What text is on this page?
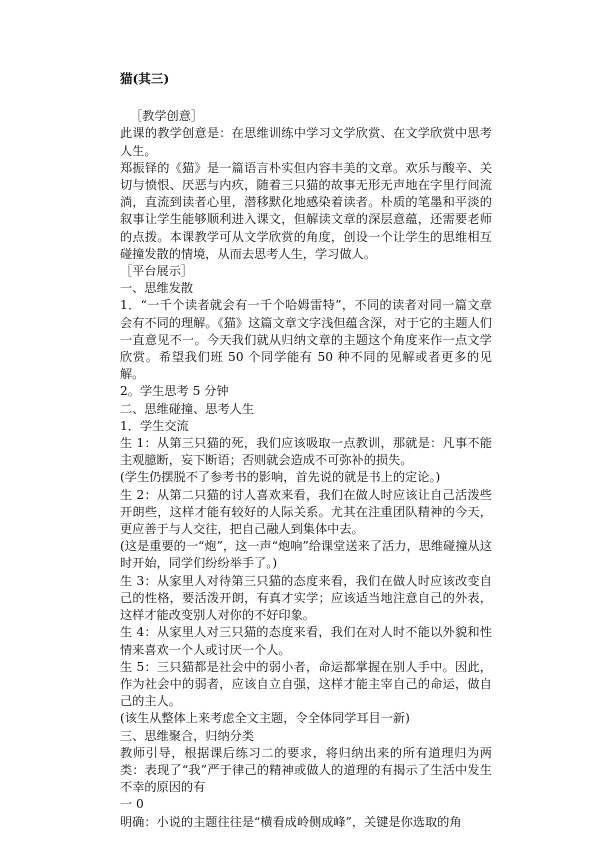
猫(其三)

［教学创意］

此课的教学创意是：在思维训练中学习文学欣赏、在文学欣赏中思考人生。

郑振铎的《猫》是一篇语言朴实但内容丰美的文章。欢乐与酸辛、关切与愤恨、厌恶与内疚，随着三只猫的故事无形无声地在字里行间流淌，直流到读者心里，潜移默化地感染着读者。朴质的笔墨和平淡的叙事让学生能够顺利进入课文，但解读文章的深层意蕴，还需要老师的点拨。本课教学可从文学欣赏的角度，创设一个让学生的思维相互碰撞发散的情境，从而去思考人生，学习做人。

［平台展示］

一、思维发散

1．“一千个读者就会有一千个哈姆雷特”，不同的读者对同一篇文章会有不同的理解。《猫》这篇文章文字浅但蕴含深，对于它的主题人们一直意见不一。今天我们就从归纳文章的主题这个角度来作一点文学欣赏。希望我们班 50 个同学能有 50 种不同的见解或者更多的见解。

2。学生思考 5 分钟

二、思维碰撞、思考人生

1．学生交流

生 1：从第三只猫的死，我们应该吸取一点教训，那就是：凡事不能主观臆断，妄下断语；否则就会造成不可弥补的损失。

(学生仍摆脱不了参考书的影响，首先说的就是书上的定论。)

生 2：从第二只猫的讨人喜欢来看，我们在做人时应该让自己活泼些开朗些，这样才能有较好的人际关系。尤其在注重团队精神的今天，更应善于与人交往，把自己融人到集体中去。

(这是重要的一“炮”，这一声“炮响”给课堂送来了活力，思维碰撞从这时开始，同学们纷纷举手了。)

生 3：从家里人对待第三只猫的态度来看，我们在做人时应该改变自己的性格，要活泼开朗，有真才实学；应该适当地注意自己的外表，这样才能改变别人对你的不好印象。

生 4：从家里人对三只猫的态度来看，我们在对人时不能以外貌和性情来喜欢一个人或讨厌一个人。

生 5：三只猫都是社会中的弱小者，命运都掌握在别人手中。因此，作为社会中的弱者，应该自立自强，这样才能主宰自己的命运，做自己的主人。

(该生从整体上来考虑全文主题，令全体同学耳目一新)

三、思维聚合，归纳分类

教师引导，根据课后练习二的要求，将归纳出来的所有道理归为两类：表现了“我”严于律己的精神或做人的道理的有揭示了生活中发生不幸的原因的有

一 0

明确：小说的主题往往是“横看成岭侧成峰”，关键是你选取的角
